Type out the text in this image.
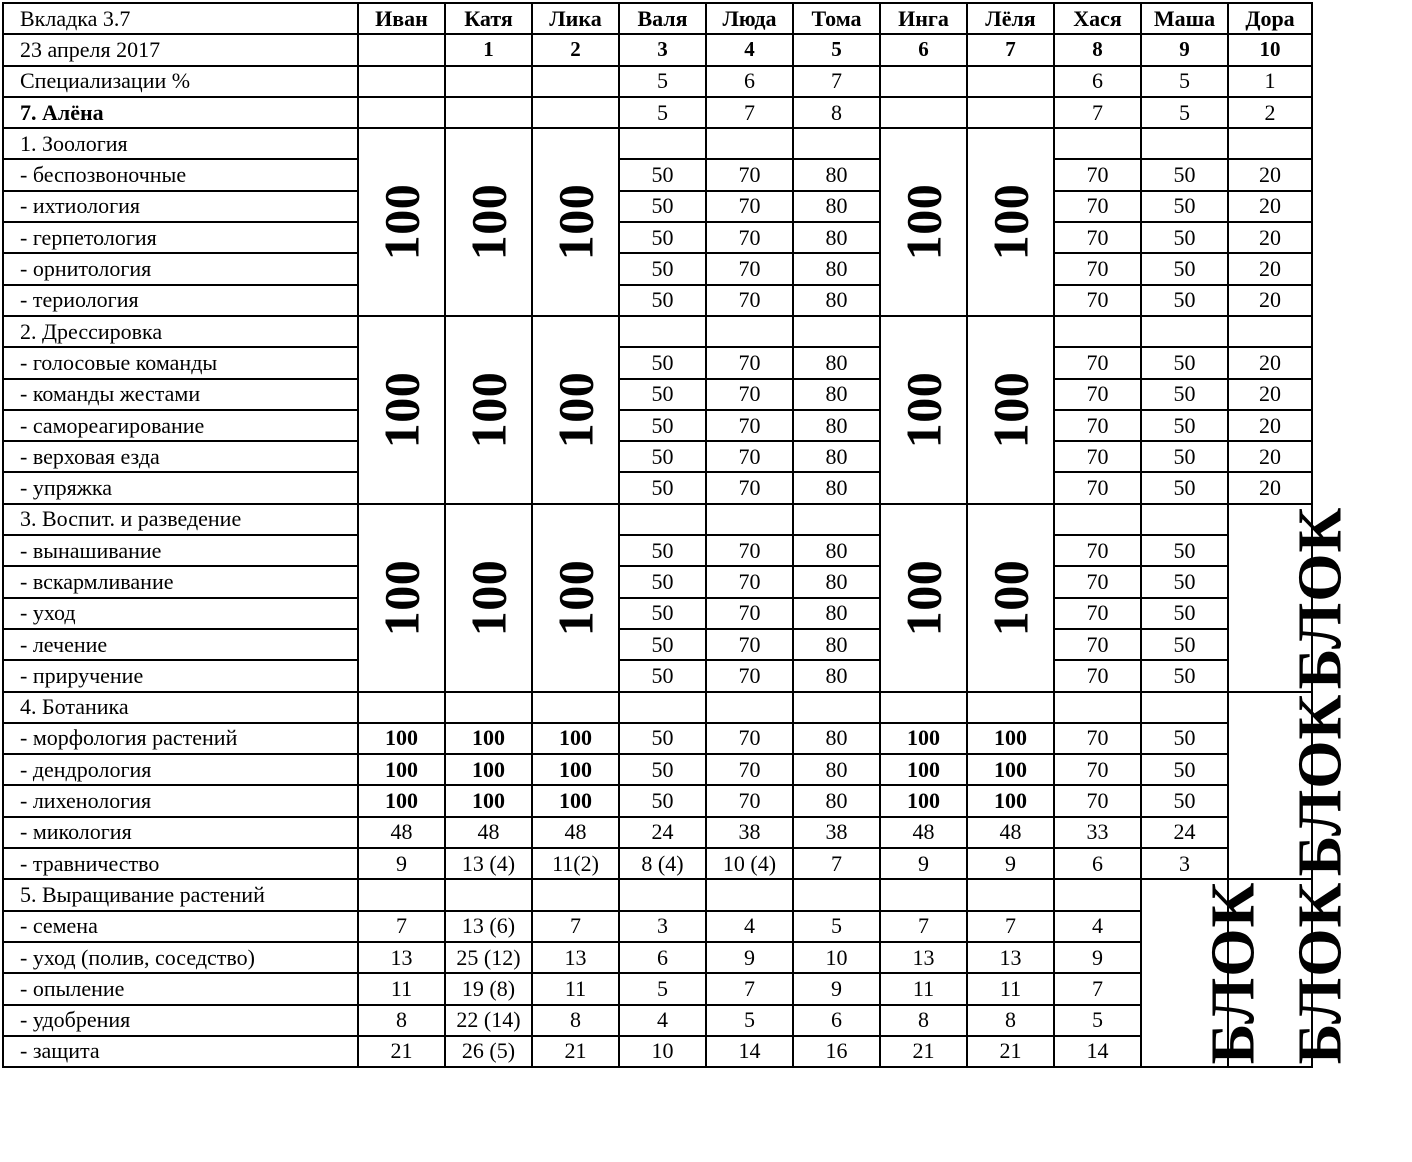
Вкладка 3.7	Иван	Катя	Лика	Валя	Люда	Тома	Инга	Лёля	Хася	Маша	Дора
23 апреля 2017		1	2	3	4	5	6	7	8	9	10
Специализации %				5	6	7			6	5	1
7. Алёна				5	7	8			7	5	2
1. Зоология	100	100	100				100	100			
- беспозвоночные				50	70	80			70	50	20
- ихтиология				50	70	80			70	50	20
- герпетология				50	70	80			70	50	20
- орнитология				50	70	80			70	50	20
- териология				50	70	80			70	50	20
2. Дрессировка	100	100	100				100	100			
- голосовые команды				50	70	80			70	50	20
- команды жестами				50	70	80			70	50	20
- самореагирование				50	70	80			70	50	20
- верховая езда				50	70	80			70	50	20
- упряжка				50	70	80			70	50	20
3. Воспит. и разведение	100	100	100				100	100			БЛОК
- вынашивание				50	70	80			70	50	
- вскармливание				50	70	80			70	50	
- уход				50	70	80			70	50	
- лечение				50	70	80			70	50	
- приручение				50	70	80			70	50	
4. Ботаника											БЛОК
- морфология растений	100	100	100	50	70	80	100	100	70	50	
- дендрология	100	100	100	50	70	80	100	100	70	50	
- лихенология	100	100	100	50	70	80	100	100	70	50	
- микология	48	48	48	24	38	38	48	48	33	24	
- травничество	9	13 (4)	11(2)	8 (4)	10 (4)	7	9	9	6	3	
5. Выращивание растений										БЛОК	БЛОК
- семена	7	13 (6)	7	3	4	5	7	7	4		
- уход (полив, соседство)	13	25 (12)	13	6	9	10	13	13	9		
- опыление	11	19 (8)	11	5	7	9	11	11	7		
- удобрения	8	22 (14)	8	4	5	6	8	8	5		
- защита	21	26 (5)	21	10	14	16	21	21	14		
